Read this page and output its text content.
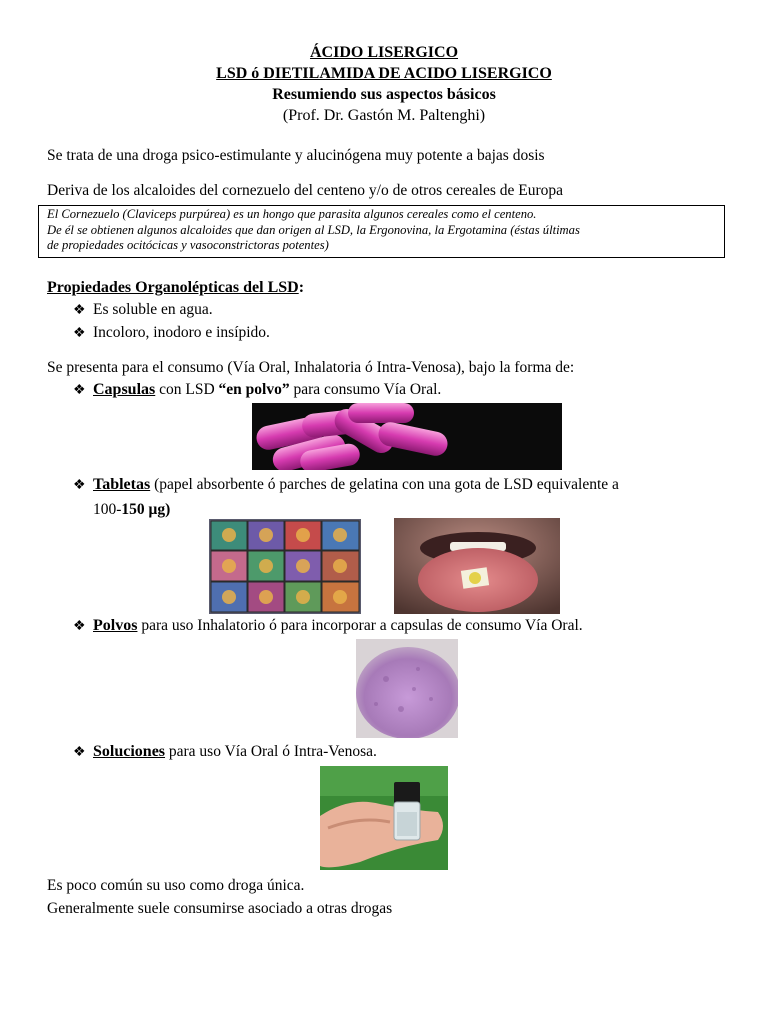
ÁCIDO LISERGICO
LSD ó DIETILAMIDA DE ACIDO LISERGICO
Resumiendo sus aspectos básicos
(Prof. Dr. Gastón M. Paltenghi)
Se trata de una droga psico-estimulante y alucinógena muy potente a bajas dosis
Deriva de los alcaloides del cornezuelo del centeno y/o de otros cereales de Europa
El Cornezuelo (Claviceps purpúrea) es un hongo que parasita algunos cereales como el centeno.
De él se obtienen algunos alcaloides que dan origen al LSD, la Ergonovina, la Ergotamina (éstas últimas
de propiedades ocitócicas y vasoconstrictoras potentes)
Propiedades Organolépticas del LSD:
❖ Es soluble en agua.
❖ Incoloro, inodoro e insípido.
Se presenta para el consumo (Vía Oral, Inhalatoria ó Intra-Venosa), bajo la forma de:
❖ Capsulas con LSD “en polvo” para consumo Vía Oral.
❖ Tabletas (papel absorbente ó parches de gelatina con una gota de LSD equivalente a
100-150 μg)
❖ Polvos para uso Inhalatorio ó para incorporar a capsulas de consumo Vía Oral.
❖ Soluciones para uso Vía Oral ó Intra-Venosa.
Es poco común su uso como droga única.
Generalmente suele consumirse asociado a otras drogas
